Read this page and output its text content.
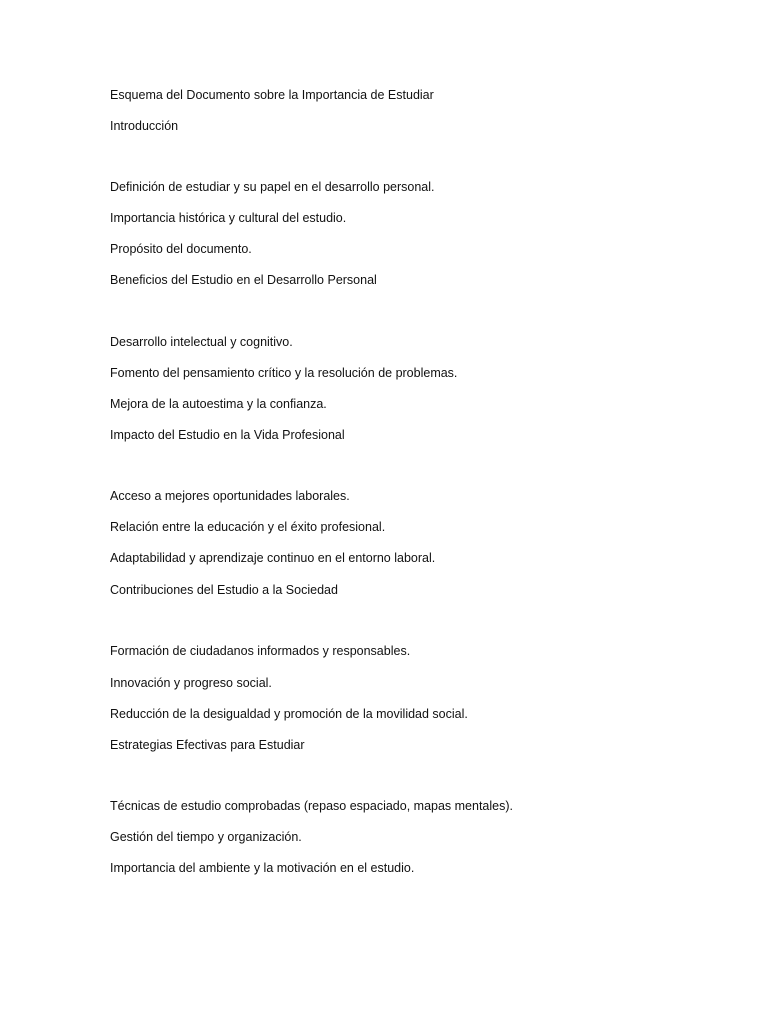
Esquema del Documento sobre la Importancia de Estudiar
Introducción
Definición de estudiar y su papel en el desarrollo personal.
Importancia histórica y cultural del estudio.
Propósito del documento.
Beneficios del Estudio en el Desarrollo Personal
Desarrollo intelectual y cognitivo.
Fomento del pensamiento crítico y la resolución de problemas.
Mejora de la autoestima y la confianza.
Impacto del Estudio en la Vida Profesional
Acceso a mejores oportunidades laborales.
Relación entre la educación y el éxito profesional.
Adaptabilidad y aprendizaje continuo en el entorno laboral.
Contribuciones del Estudio a la Sociedad
Formación de ciudadanos informados y responsables.
Innovación y progreso social.
Reducción de la desigualdad y promoción de la movilidad social.
Estrategias Efectivas para Estudiar
Técnicas de estudio comprobadas (repaso espaciado, mapas mentales).
Gestión del tiempo y organización.
Importancia del ambiente y la motivación en el estudio.
